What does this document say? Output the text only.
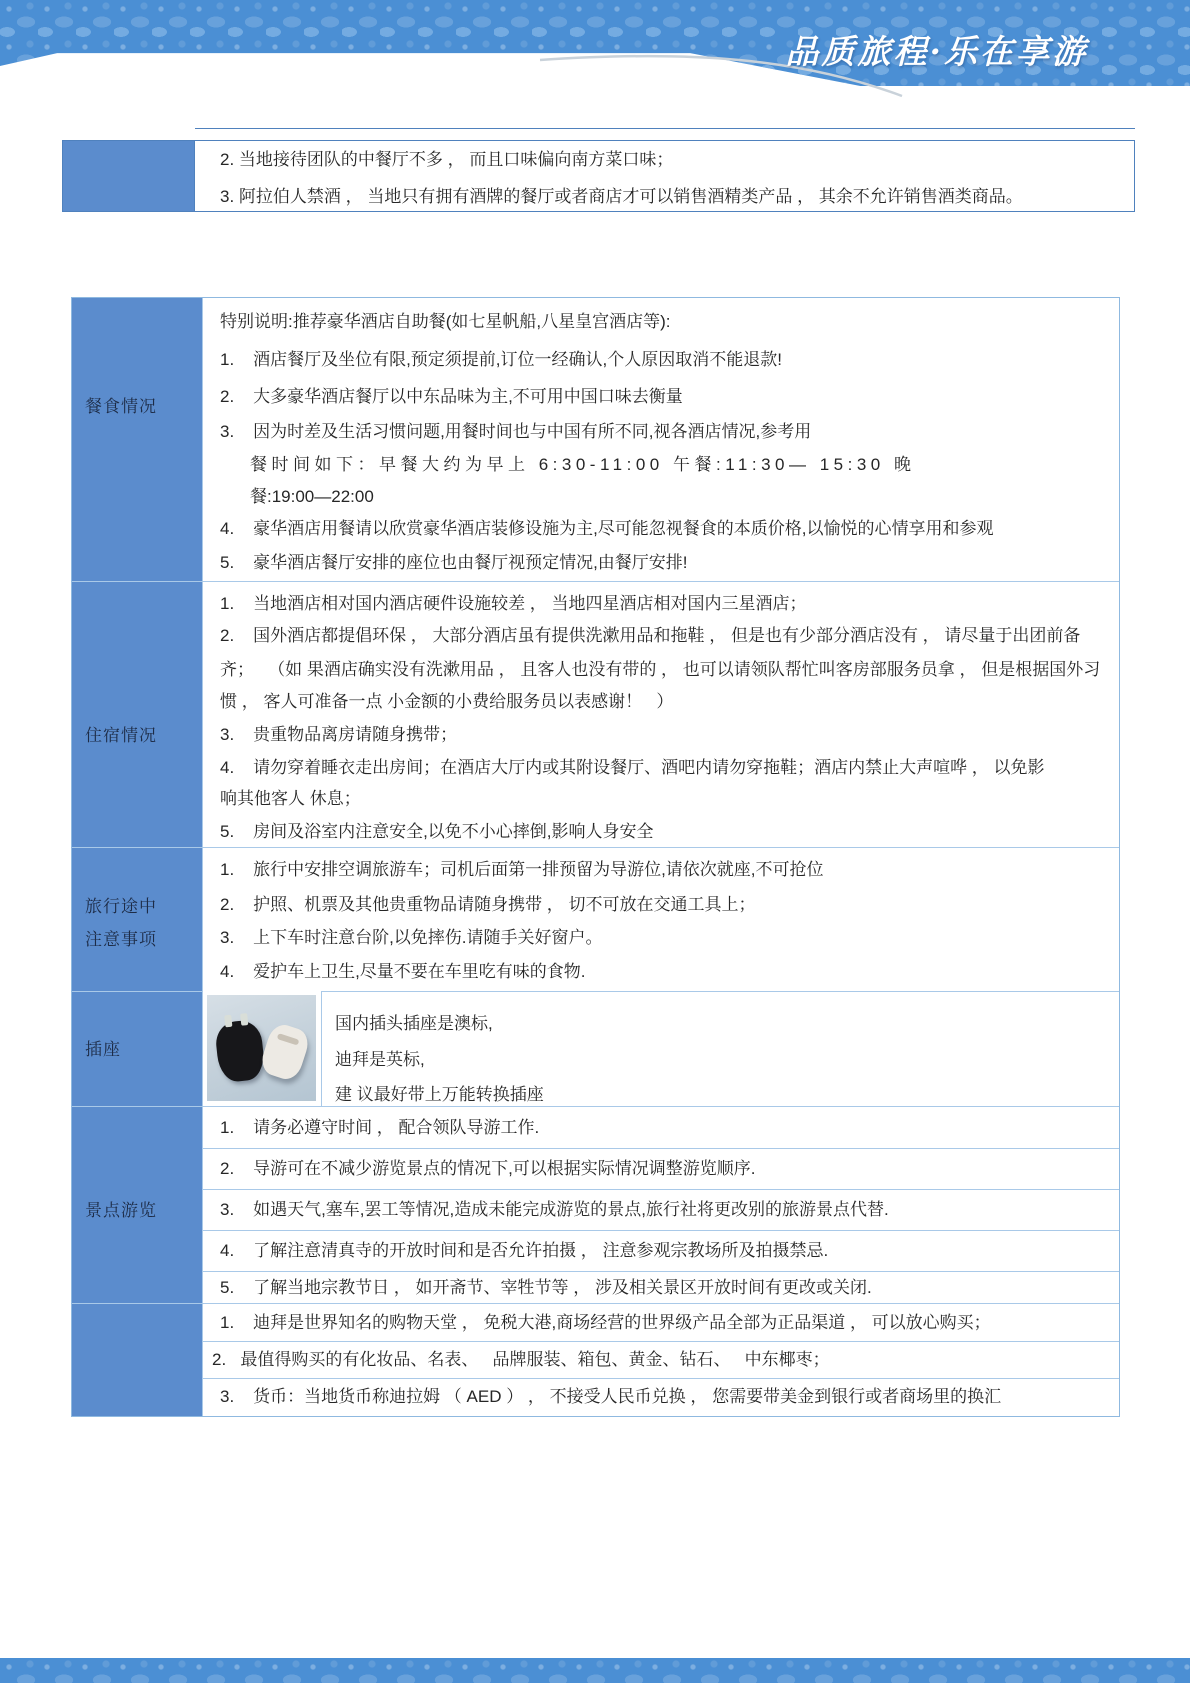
品质旅程·乐在享游
2. 当地接待团队的中餐厅不多 ， 而且口味偏向南方菜口味；
3. 阿拉伯人禁酒 ， 当地只有拥有酒牌的餐厅或者商店才可以销售酒精类产品 ， 其余不允许销售酒类商品。
餐食情况
住宿情况
旅行途中
注意事项
插座
景点游览
特别说明:推荐豪华酒店自助餐(如七星帆船,八星皇宫酒店等):
1.    酒店餐厅及坐位有限,预定须提前,订位一经确认,个人原因取消不能退款!
2.    大多豪华酒店餐厅以中东品味为主,不可用中国口味去衡量
3.    因为时差及生活习惯问题,用餐时间也与中国有所不同,视各酒店情况,参考用
餐时间如下：早餐大约为早上 6:30-11:00 午餐:11:30— 15:30 晚
餐:19:00—22:00
4.    豪华酒店用餐请以欣赏豪华酒店装修设施为主,尽可能忽视餐食的本质价格,以愉悦的心情享用和参观
5.    豪华酒店餐厅安排的座位也由餐厅视预定情况,由餐厅安排!
1.    当地酒店相对国内酒店硬件设施较差 ， 当地四星酒店相对国内三星酒店；
2.    国外酒店都提倡环保 ， 大部分酒店虽有提供洗漱用品和拖鞋 ， 但是也有少部分酒店没有 ， 请尽量于出团前备
齐；   （如 果酒店确实没有洗漱用品 ， 且客人也没有带的 ， 也可以请领队帮忙叫客房部服务员拿 ， 但是根据国外习
惯 ， 客人可准备一点 小金额的小费给服务员以表感谢！   ）
3.    贵重物品离房请随身携带；
4.    请勿穿着睡衣走出房间；在酒店大厅内或其附设餐厅、酒吧内请勿穿拖鞋；酒店内禁止大声喧哗 ， 以免影
响其他客人 休息；
5.    房间及浴室内注意安全,以免不小心摔倒,影响人身安全
1.    旅行中安排空调旅游车；司机后面第一排预留为导游位,请依次就座,不可抢位
2.    护照、机票及其他贵重物品请随身携带 ， 切不可放在交通工具上；
3.    上下车时注意台阶,以免摔伤.请随手关好窗户。
4.    爱护车上卫生,尽量不要在车里吃有味的食物.
国内插头插座是澳标,
迪拜是英标,
建 议最好带上万能转换插座
1.    请务必遵守时间 ， 配合领队导游工作.
2.    导游可在不减少游览景点的情况下,可以根据实际情况调整游览顺序.
3.    如遇天气,塞车,罢工等情况,造成未能完成游览的景点,旅行社将更改别的旅游景点代替.
4.    了解注意清真寺的开放时间和是否允许拍摄 ， 注意参观宗教场所及拍摄禁忌.
5.    了解当地宗教节日 ， 如开斋节、宰牲节等 ， 涉及相关景区开放时间有更改或关闭.
1.    迪拜是世界知名的购物天堂 ， 免税大港,商场经营的世界级产品全部为正品渠道 ， 可以放心购买；
2.   最值得购买的有化妆品、名表、   品牌服装、箱包、黄金、钻石、   中东椰枣；
3.    货币：当地货币称迪拉姆 （ AED ） ， 不接受人民币兑换 ， 您需要带美金到银行或者商场里的换汇
